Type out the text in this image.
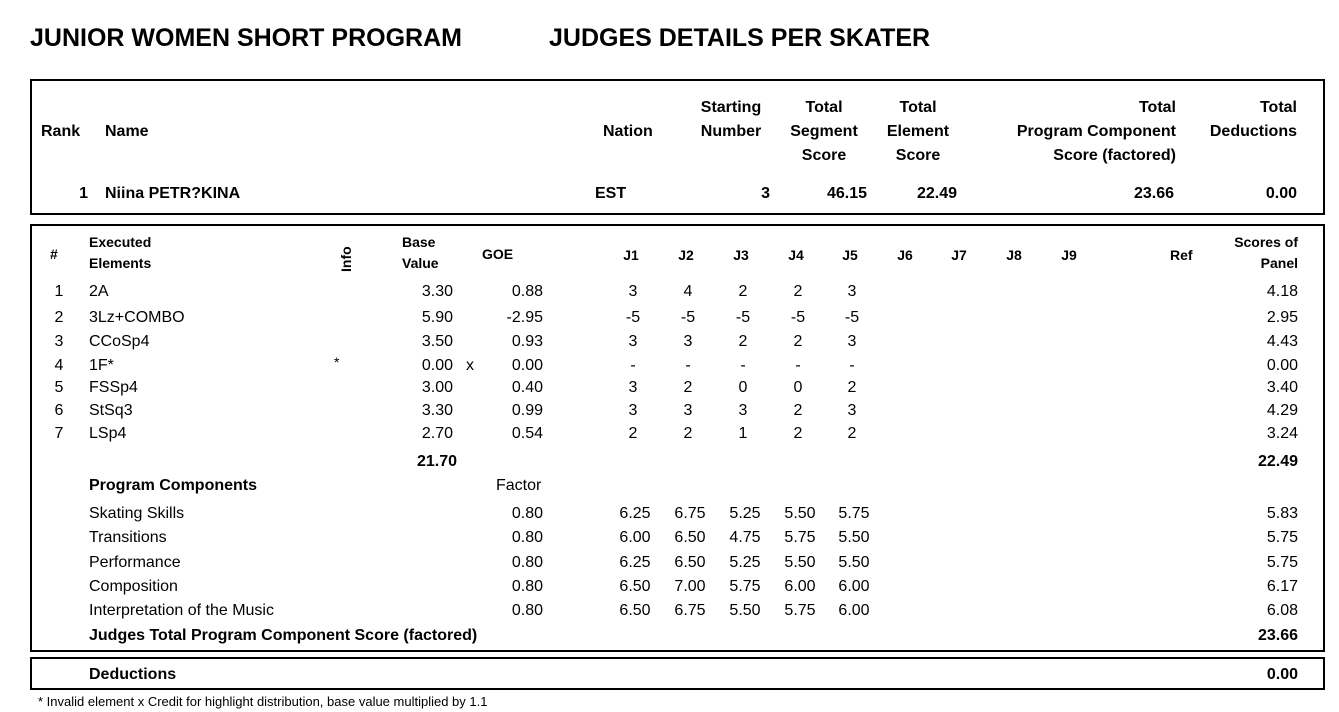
JUNIOR WOMEN SHORT PROGRAM	JUDGES DETAILS PER SKATER
Rank Name	Nation
Starting
Number
Total
Segment
Score
Total
Element
Score
Total
Program Component
Score (factored)
Total
Deductions
1 Niina PETR?KINA	EST	3	46.15	22.49	23.66	0.00
#
Executed
Elements	Info
Base
Value
GOE	J1	J2	J3	J4	J5	J6	J7	J8	J9	Ref
Scores of
Panel
1	2A	3.30	0.88	3	4	2	2	3	4.18
2	3Lz+COMBO	5.90	-2.95	-5	-5	-5	-5	-5	2.95
3	CCoSp4	3.50	0.93	3	3	2	2	3	4.43
4	1F*	*	0.00 x	0.00	-	-	-	-	-	0.00
5	FSSp4	3.00	0.40	3	2	0	0	2	3.40
6	StSq3	3.30	0.99	3	3	3	2	3	4.29
7	LSp4	2.70	0.54	2	2	1	2	2	3.24
21.70	22.49
Program Components	Factor
Skating Skills	0.80	6.25	6.75	5.25	5.50	5.75	5.83
Transitions	0.80	6.00	6.50	4.75	5.75	5.50	5.75
Performance	0.80	6.25	6.50	5.25	5.50	5.50	5.75
Composition	0.80	6.50	7.00	5.75	6.00	6.00	6.17
Interpretation of the Music	0.80	6.50	6.75	5.50	5.75	6.00	6.08
Judges Total Program Component Score (factored)	23.66
Deductions	0.00
* Invalid element x Credit for highlight distribution, base value multiplied by 1.1
